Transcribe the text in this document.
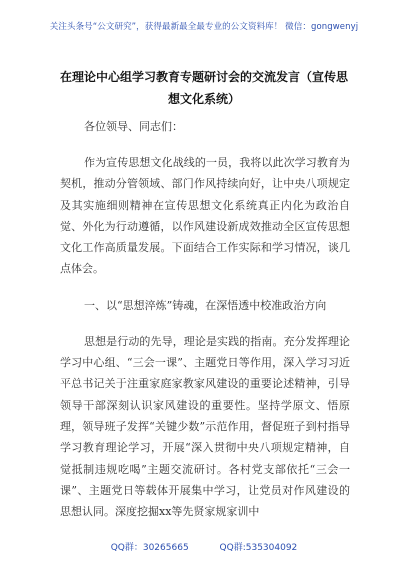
关注头条号“公文研究”，获得最新最全最专业的公文资料库！ 微信：gongwenyj
在理论中心组学习教育专题研讨会的交流发言（宣传思想文化系统）

各位领导、同志们：

作为宣传思想文化战线的一员，我将以此次学习教育为契机，推动分管领域、部门作风持续向好，让中央八项规定及其实施细则精神在宣传思想文化系统真正内化为政治自觉、外化为行动遵循，以作风建设新成效推动全区宣传思想文化工作高质量发展。下面结合工作实际和学习情况，谈几点体会。

一、以“思想淬炼”铸魂，在深悟透中校准政治方向

思想是行动的先导，理论是实践的指南。充分发挥理论学习中心组、“三会一课”、主题党日等作用，深入学习习近平总书记关于注重家庭家教家风建设的重要论述精神，引导领导干部深刻认识家风建设的重要性。坚持学原文、悟原理，领导班子发挥“关键少数”示范作用，督促班子到村指导学习教育理论学习，开展“深入贯彻中央八项规定精神，自觉抵制违规吃喝”主题交流研讨。各村党支部依托“三会一课”、主题党日等载体开展集中学习，让党员对作风建设的思想认同。深度挖掘xx等先贤家规家训中

QQ群：30265665	QQ群:535304092
